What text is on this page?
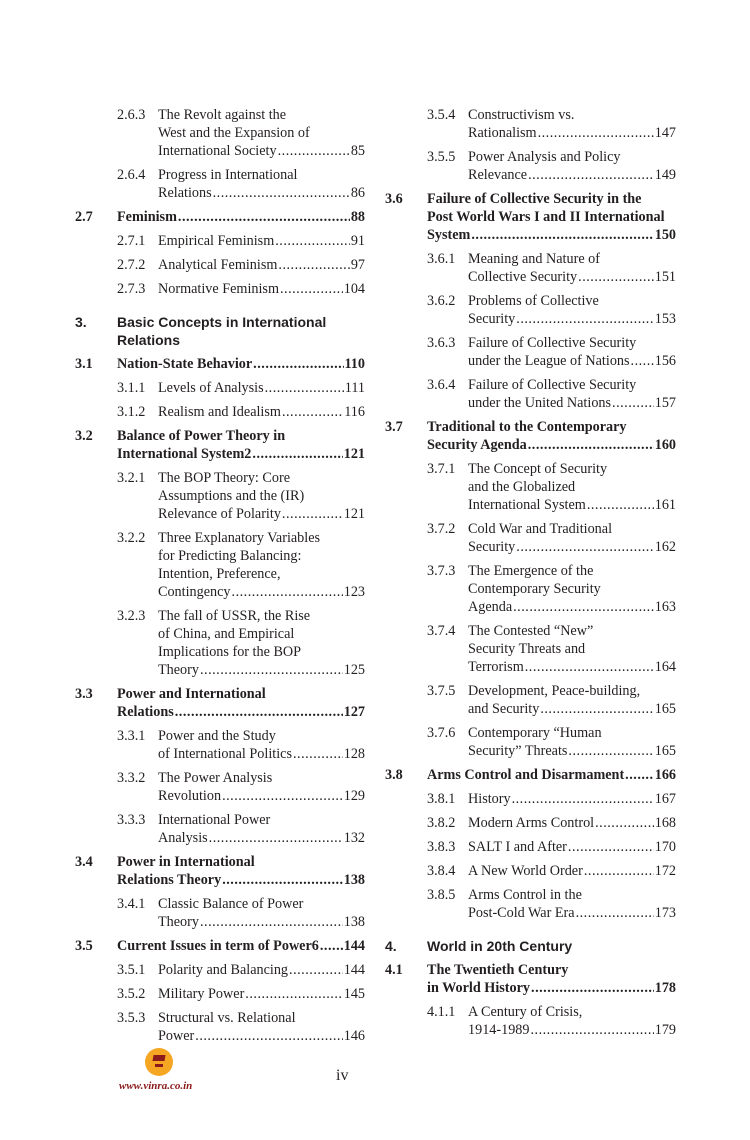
2.6.3 The Revolt against the
West and the Expansion of
International Society .....	85
2.6.4 Progress in International
Relations .....	86
2.7 Feminism .....	88
2.7.1 Empirical Feminism .....	91
2.7.2 Analytical Feminism .....	97
2.7.3 Normative Feminism .....	104
3. Basic Concepts in International
Relations
3.1 Nation-State Behavior .....	110
3.1.1 Levels of Analysis .....	111
3.1.2 Realism and Idealism .....	116
3.2 Balance of Power Theory in
International System2 .....	121
3.2.1 The BOP Theory: Core
Assumptions and the (IR)
Relevance of Polarity .....	121
3.2.2 Three Explanatory Variables
for Predicting Balancing:
Intention, Preference,
Contingency .....	123
3.2.3 The fall of USSR, the Rise
of China, and Empirical
Implications for the BOP
Theory .....	125
3.3 Power and International
Relations .....	127
3.3.1 Power and the Study
of International Politics .....	128
3.3.2 The Power Analysis
Revolution .....	129
3.3.3 International Power
Analysis .....	132
3.4 Power in International
Relations Theory .....	138
3.4.1 Classic Balance of Power
Theory .....	138
3.5 Current Issues in term of Power6 ..... 144
3.5.1 Polarity and Balancing .....	144
3.5.2 Military Power .....	145
3.5.3 Structural vs. Relational
Power .....	146
3.5.4 Constructivism vs.
Rationalism .....	147
3.5.5 Power Analysis and Policy
Relevance .....	149
3.6 Failure of Collective Security in the
Post World Wars I and II International
System .....	150
3.6.1 Meaning and Nature of
Collective Security .....	151
3.6.2 Problems of Collective
Security .....	153
3.6.3 Failure of Collective Security
under the League of Nations ..... 156
3.6.4 Failure of Collective Security
under the United Nations .....	157
3.7 Traditional to the Contemporary
Security Agenda .....	160
3.7.1 The Concept of Security
and the Globalized
International System .....	161
3.7.2 Cold War and Traditional
Security .....	162
3.7.3 The Emergence of the
Contemporary Security
Agenda .....	163
3.7.4 The Contested “New”
Security Threats and
Terrorism .....	164
3.7.5 Development, Peace-building,
and Security .....	165
3.7.6 Contemporary “Human
Security” Threats .....	165
3.8 Arms Control and Disarmament ..... 166
3.8.1 History .....	167
3.8.2 Modern Arms Control .....	168
3.8.3 SALT I and After .....	170
3.8.4 A New World Order .....	172
3.8.5 Arms Control in the
Post-Cold War Era .....	173
4. World in 20th Century
4.1 The Twentieth Century
in World History .....	178
4.1.1 A Century of Crisis,
1914-1989 .....	179
www.vinra.co.in
iv
